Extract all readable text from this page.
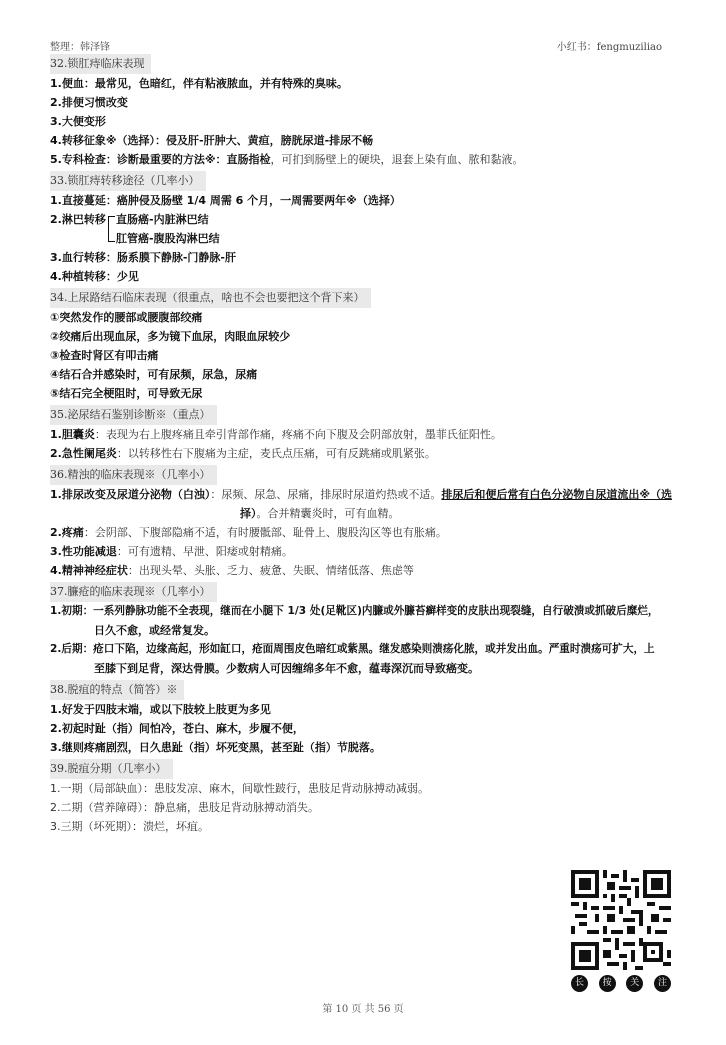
整理：韩泽锋	小红书：fengmuziliao
32.锁肛痔临床表现
1.便血：最常见，色暗红，伴有粘液脓血，并有特殊的臭味。
2.排便习惯改变
3.大便变形
4.转移征象※（选择）：侵及肝-肝肿大、黄疸，膀胱尿道-排尿不畅
5.专科检查：诊断最重要的方法※：直肠指检，可扪到肠壁上的硬块，退套上染有血、脓和黏液。
33.锁肛痔转移途径（几率小）
1.直接蔓延：癌肿侵及肠壁 1/4 周需 6 个月，一周需要两年※（选择）
2.淋巴转移 直肠癌-内脏淋巴结
肛管癌-腹股沟淋巴结
3.血行转移：肠系膜下静脉-门静脉-肝
4.种植转移：少见
34.上尿路结石临床表现（很重点，啥也不会也要把这个背下来）
①突然发作的腰部或腰腹部绞痛
②绞痛后出现血尿，多为镜下血尿，肉眼血尿较少
③检查时肾区有叩击痛
④结石合并感染时，可有尿频，尿急，尿痛
⑤结石完全梗阻时，可导致无尿
35.泌尿结石鉴别诊断※（重点）
1.胆囊炎：表现为右上腹疼痛且牵引背部作痛，疼痛不向下腹及会阴部放射，墨菲氏征阳性。
2.急性阑尾炎：以转移性右下腹痛为主症，麦氏点压痛，可有反跳痛或肌紧张。
36.精浊的临床表现※（几率小）
1.排尿改变及尿道分泌物（白浊）：尿频、尿急、尿痛，排尿时尿道灼热或不适。排尿后和便后常有白色分泌物自尿道流出※（选
择）。合并精囊炎时，可有血精。
2.疼痛：会阴部、下腹部隐痛不适，有时腰骶部、耻骨上、腹股沟区等也有胀痛。
3.性功能减退：可有遗精、早泄、阳痿或射精痛。
4.精神神经症状：出现头晕、头胀、乏力、疲惫、失眠、情绪低落、焦虑等
37.臁疮的临床表现※（几率小）
1.初期：一系列静脉功能不全表现，继而在小腿下 1/3 处(足靴区)内臁或外臁苔癣样变的皮肤出现裂缝，自行破溃或抓破后糜烂，
日久不愈，或经常复发。
2.后期：疮口下陷，边缘高起，形如缸口，疮面周围皮色暗红或紫黑。继发感染则溃疡化脓，或并发出血。严重时溃疡可扩大，上
至膝下到足背，深达骨膜。少数病人可因缠绵多年不愈，蕴毒深沉而导致癌变。
38.脱疽的特点（简答）※
1.好发于四肢末端，或以下肢较上肢更为多见
2.初起时趾（指）间怕冷，苍白、麻木，步履不便，
3.继则疼痛剧烈，日久患趾（指）坏死变黑，甚至趾（指）节脱落。
39.脱疽分期（几率小）
1.一期（局部缺血）：患肢发凉、麻木，间歇性跛行，患肢足背动脉搏动减弱。
2.二期（营养障碍）：静息痛，患肢足背动脉搏动消失。
3.三期（坏死期）：溃烂，坏疽。
长	按	关	注
第 10 页 共 56 页
